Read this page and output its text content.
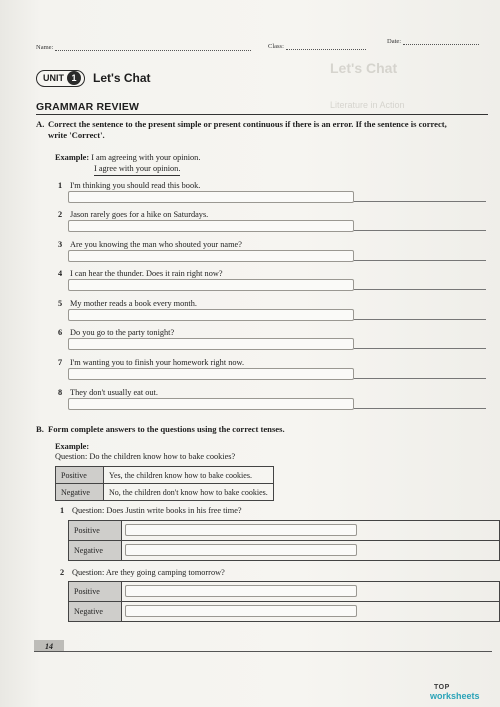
Let's Chat
Literature in Action
Name:	Class:
Date:
UNIT 1	Let's Chat
GRAMMAR REVIEW
A. Correct the sentence to the present simple or present continuous if there is an error. If the sentence is correct,
write 'Correct'.
Example: I am agreeing with your opinion.
I agree with your opinion.
1 I'm thinking you should read this book.
2 Jason rarely goes for a hike on Saturdays.
3 Are you knowing the man who shouted your name?
4 I can hear the thunder. Does it rain right now?
5 My mother reads a book every month.
6 Do you go to the party tonight?
7 I'm wanting you to finish your homework right now.
8 They don't usually eat out.
B. Form complete answers to the questions using the correct tenses.
Example:
Question: Do the children know how to bake cookies?
Positive	Yes, the children know how to bake cookies.
Negative	No, the children don't know how to bake cookies.
1 Question: Does Justin write books in his free time?
Positive	

Negative	
2 Question: Are they going camping tomorrow?
Positive	

Negative	
14
TOP
worksheets
